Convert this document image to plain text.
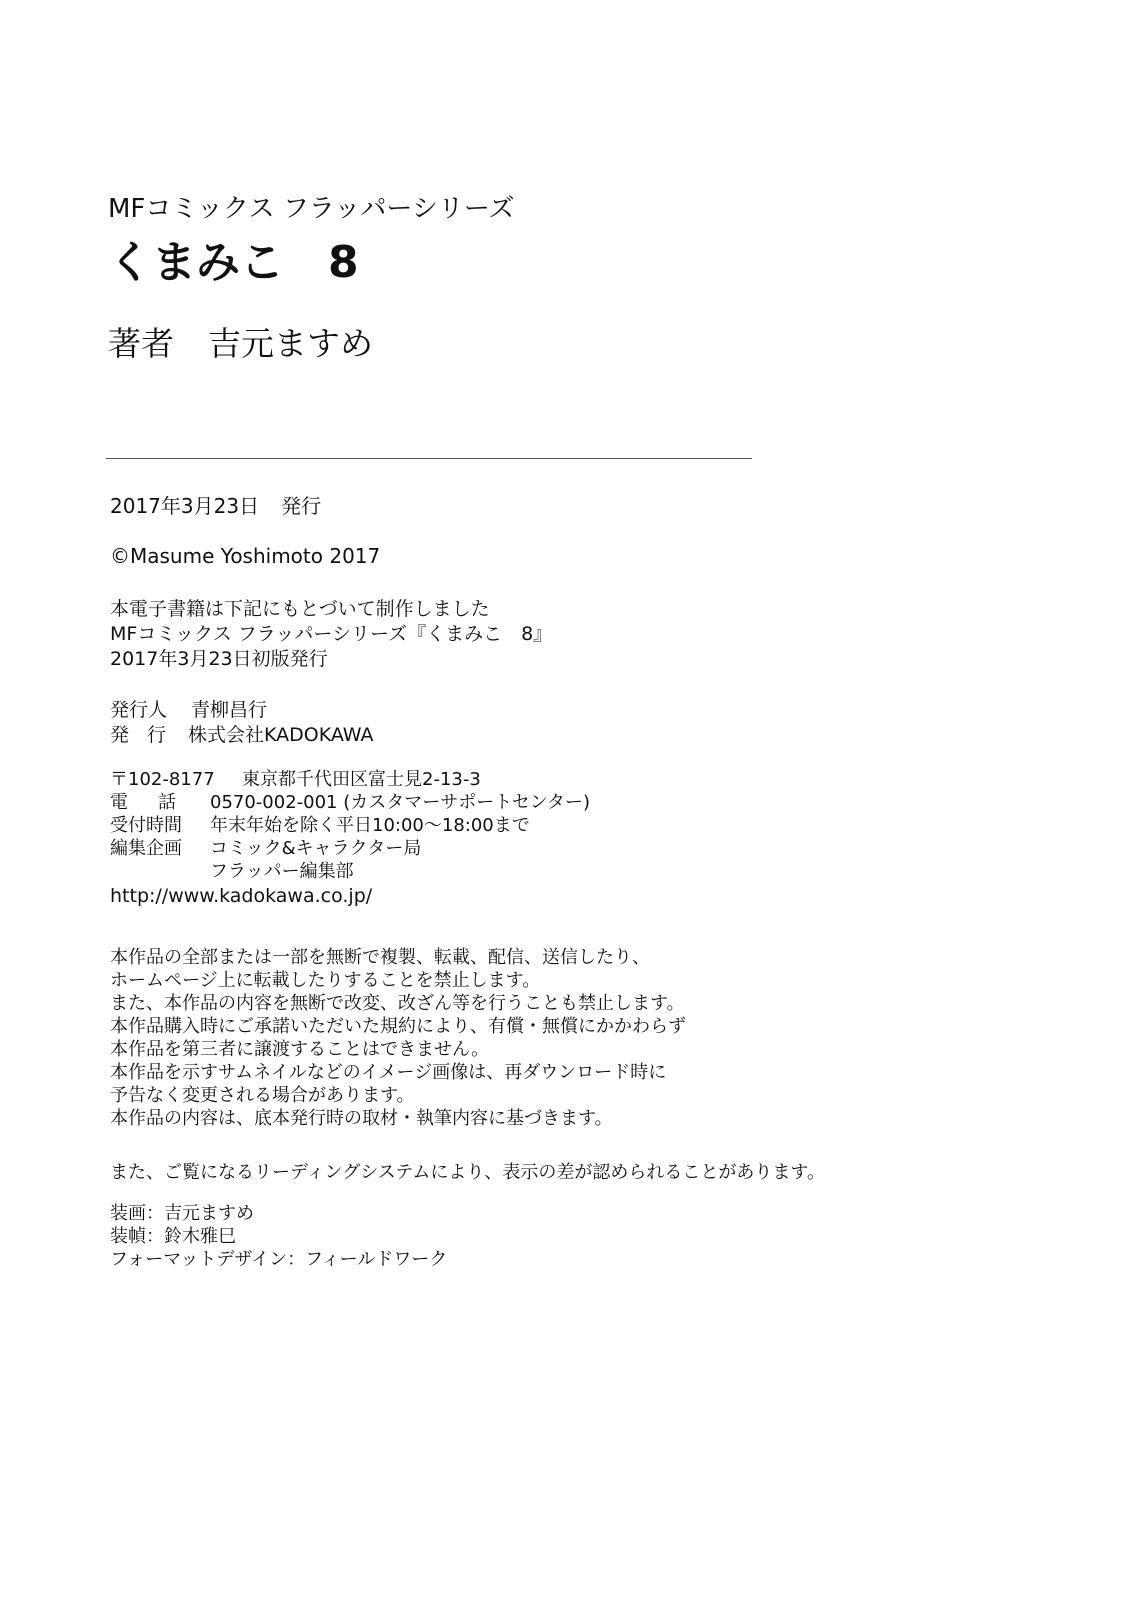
MFコミックス フラッパーシリーズ
くまみこ 8
著者 吉元ますめ
2017年3月23日 発行
©Masume Yoshimoto 2017
本電子書籍は下記にもとづいて制作しました
MFコミックス フラッパーシリーズ『くまみこ　8』
2017年3月23日初版発行
発行人 青柳昌行
発行 株式会社KADOKAWA
〒102-8177	東京都千代田区富士見2-13-3
電話 0570-002-001 (カスタマーサポートセンター)
受付時間	年末年始を除く平日10:00～18:00まで
編集企画	コミック&キャラクター局
フラッパー編集部
http://www.kadokawa.co.jp/
本作品の全部または一部を無断で複製、転載、配信、送信したり、
ホームページ上に転載したりすることを禁止します。
また、本作品の内容を無断で改変、改ざん等を行うことも禁止します。
本作品購入時にご承諾いただいた規約により、有償・無償にかかわらず
本作品を第三者に譲渡することはできません。
本作品を示すサムネイルなどのイメージ画像は、再ダウンロード時に
予告なく変更される場合があります。
本作品の内容は、底本発行時の取材・執筆内容に基づきます。
また、ご覧になるリーディングシステムにより、表示の差が認められることがあります。
装画：吉元ますめ
装幀：鈴木雅巳
フォーマットデザイン：フィールドワーク
